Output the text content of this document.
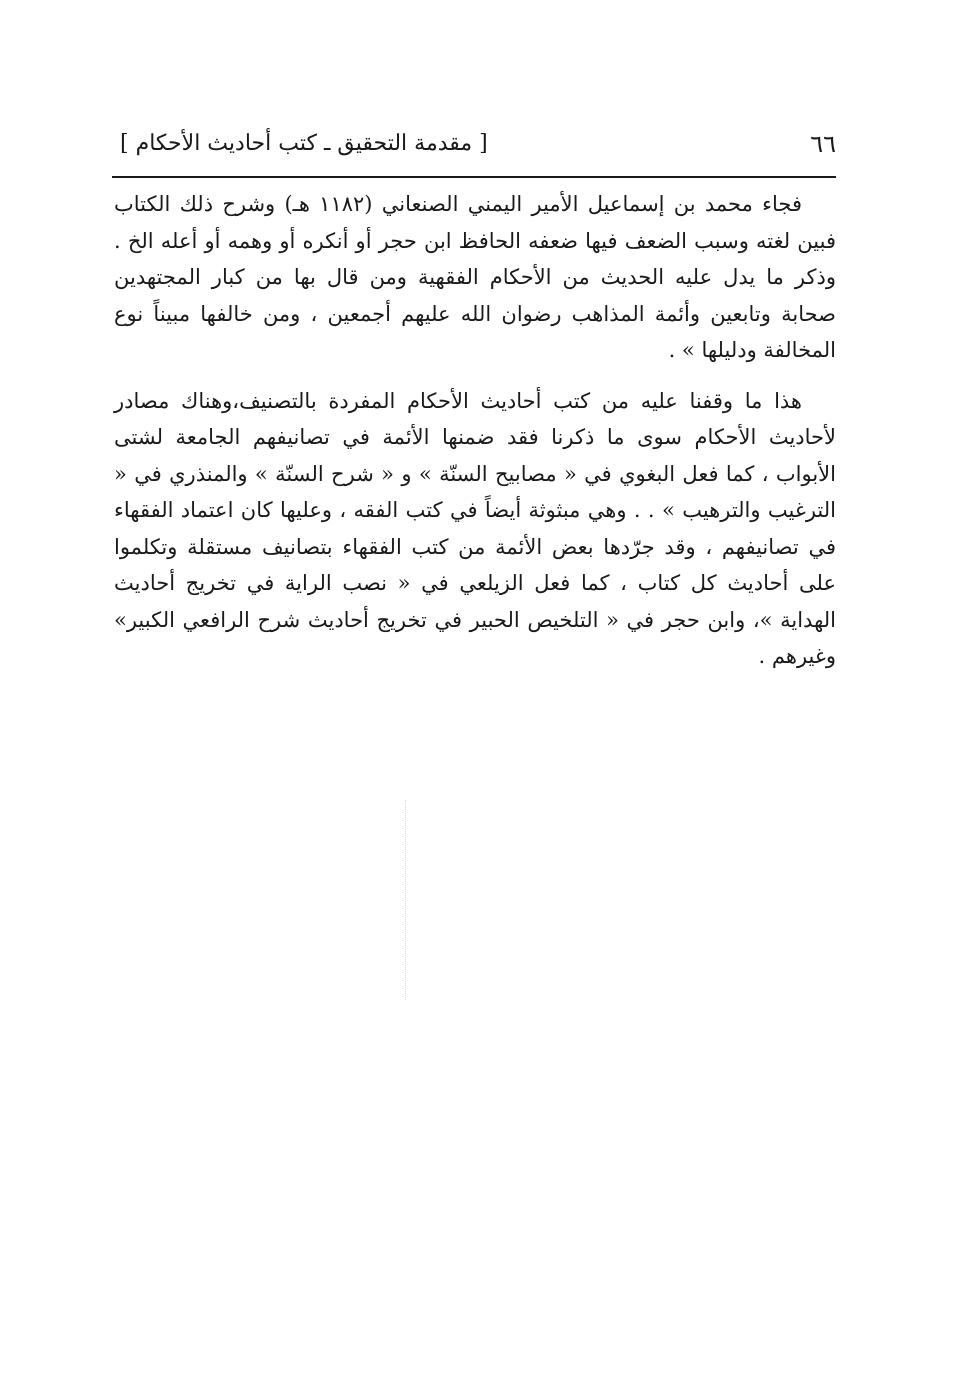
٦٦
[ مقدمة التحقيق ـ كتب أحاديث الأحكام ]

فجاء محمد بن إسماعيل الأمير اليمني الصنعاني (١١٨٢ هـ) وشرح ذلك الكتاب فبين لغته وسبب الضعف فيها ضعفه الحافظ ابن حجر أو أنكره أو وهمه أو أعله الخ . وذكر ما يدل عليه الحديث من الأحكام الفقهية ومن قال بها من كبار المجتهدين صحابة وتابعين وأئمة المذاهب رضوان الله عليهم أجمعين ، ومن خالفها مبيناً نوع المخالفة ودليلها » .

هذا ما وقفنا عليه من كتب أحاديث الأحكام المفردة بالتصنيف،وهناك مصادر لأحاديث الأحكام سوى ما ذكرنا فقد ضمنها الأئمة في تصانيفهم الجامعة لشتى الأبواب ، كما فعل البغوي في « مصابيح السنّة » و « شرح السنّة » والمنذري في « الترغيب والترهيب » . . وهي مبثوثة أيضاً في كتب الفقه ، وعليها كان اعتماد الفقهاء في تصانيفهم ، وقد جرّدها بعض الأئمة من كتب الفقهاء بتصانيف مستقلة وتكلموا على أحاديث كل كتاب ، كما فعل الزيلعي في « نصب الراية في تخريج أحاديث الهداية »، وابن حجر في « التلخيص الحبير في تخريج أحاديث شرح الرافعي الكبير» وغيرهم .
